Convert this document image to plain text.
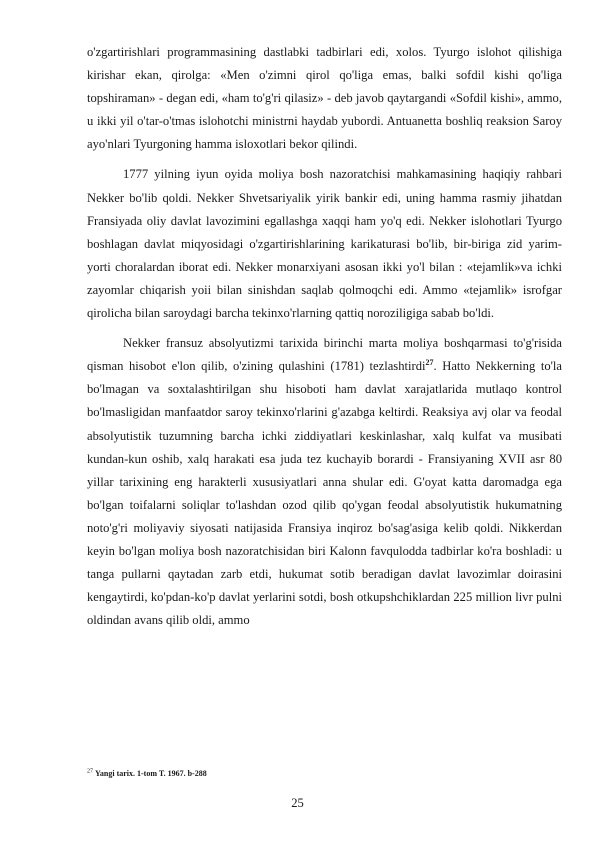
o'zgartirishlari programmasining dastlabki tadbirlari edi, xolos. Tyurgo islohot qilishiga kirishar ekan, qirolga: «Men o'zimni qirol qo'liga emas, balki sofdil kishi qo'liga topshiraman» - degan edi, «ham to'g'ri qilasiz» - deb javob qaytargandi «Sofdil kishi», ammo, u ikki yil o'tar-o'tmas islohotchi ministrni haydab yubordi. Antuanetta boshliq reaksion Saroy ayo'nlari Tyurgoning hamma isloxotlari bekor qilindi.

1777 yilning iyun oyida moliya bosh nazoratchisi mahkamasining haqiqiy rahbari Nekker bo'lib qoldi. Nekker Shvetsariyalik yirik bankir edi, uning hamma rasmiy jihatdan Fransiyada oliy davlat lavozimini egallashga xaqqi ham yo'q edi. Nekker islohotlari Tyurgo boshlagan davlat miqyosidagi o'zgartirishlarining karikaturasi bo'lib, bir-biriga zid yarim-yorti choralardan iborat edi. Nekker monarxiyani asosan ikki yo'l bilan : «tejamlik»va ichki zayomlar chiqarish yoii bilan sinishdan saqlab qolmoqchi edi. Ammo «tejamlik» isrofgar qirolicha bilan saroydagi barcha tekinxo'rlarning qattiq noroziligiga sabab bo'ldi.

Nekker fransuz absolyutizmi tarixida birinchi marta moliya boshqarmasi to'g'risida qisman hisobot e'lon qilib, o'zining qulashini (1781) tezlashtirdi$^{27}$. Hatto Nekkerning to'la bo'lmagan va soxtalashtirilgan shu hisoboti ham davlat xarajatlarida mutlaqo kontrol bo'lmasligidan manfaatdor saroy tekinxo'rlarini g'azabga keltirdi. Reaksiya avj olar va feodal absolyutistik tuzumning barcha ichki ziddiyatlari keskinlashar, xalq kulfat va musibati kundan-kun oshib, xalq harakati esa juda tez kuchayib borardi - Fransiyaning XVII asr 80 yillar tarixining eng harakterli xususiyatlari anna shular edi. G'oyat katta daromadga ega bo'lgan toifalarni soliqlar to'lashdan ozod qilib qo'ygan feodal absolyutistik hukumatning noto'g'ri moliyaviy siyosati natijasida Fransiya inqiroz bo'sag'asiga kelib qoldi. Nikkerdan keyin bo'lgan moliya bosh nazoratchisidan biri Kalonn favqulodda tadbirlar ko'ra boshladi: u tanga pullarni qaytadan zarb etdi, hukumat sotib beradigan davlat lavozimlar doirasini kengaytirdi, ko'pdan-ko'p davlat yerlarini sotdi, bosh otkupshchiklardan 225 million livr pulni oldindan avans qilib oldi, ammo

$^{27}$ Yangi tarix. 1-tom T. 1967. b-288
25
